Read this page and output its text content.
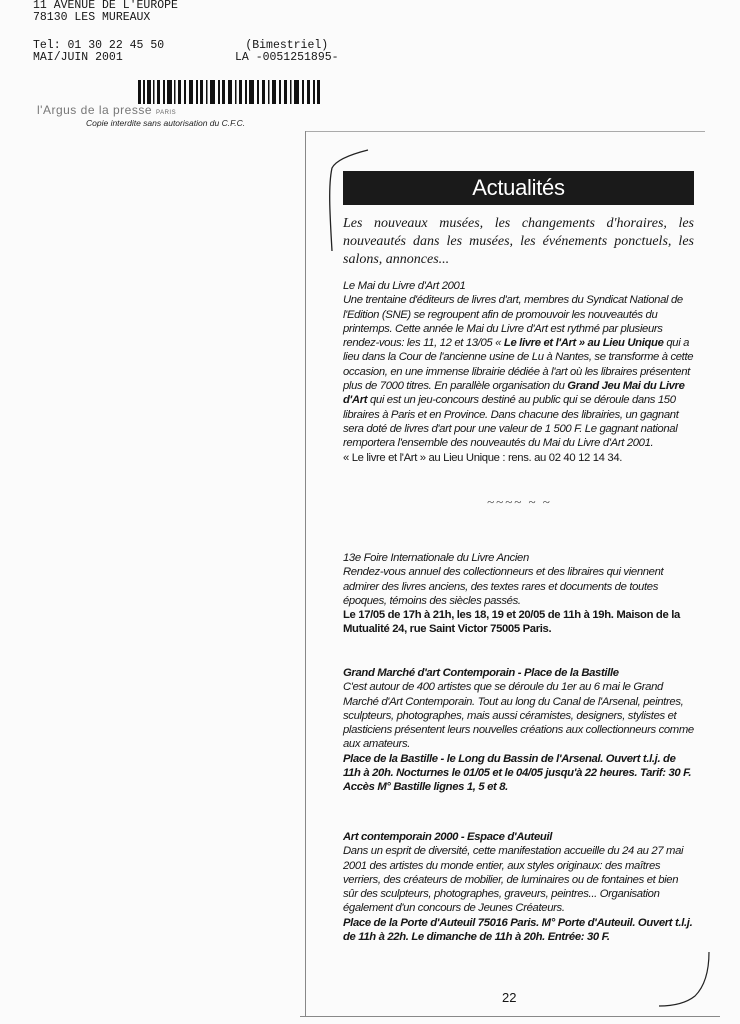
11 AVENUE DE L'EUROPE
78130 LES MUREAUX
Tel: 01 30 22 45 50
MAI/JUIN 2001
(Bimestriel)
LA -0051251895-
l'Argus de la presse PARIS
Copie interdite sans autorisation du C.F.C.
Actualités
Les nouveaux musées, les changements d'horaires, les nouveautés dans les musées, les événements ponctuels, les salons, annonces...

Le Mai du Livre d'Art 2001

Une trentaine d'éditeurs de livres d'art, membres du Syndicat National de l'Edition (SNE) se regroupent afin de promouvoir les nouveautés du printemps. Cette année le Mai du Livre d'Art est rythmé par plusieurs rendez-vous: les 11, 12 et 13/05 « Le livre et l'Art » au Lieu Unique qui a lieu dans la Cour de l'ancienne usine de Lu à Nantes, se transforme à cette occasion, en une immense librairie dédiée à l'art où les libraires présentent plus de 7000 titres. En parallèle organisation du Grand Jeu Mai du Livre d'Art qui est un jeu-concours destiné au public qui se déroule dans 150 libraires à Paris et en Province. Dans chacune des librairies, un gagnant sera doté de livres d'art pour une valeur de 1 500 F. Le gagnant national remportera l'ensemble des nouveautés du Mai du Livre d'Art 2001.

« Le livre et l'Art » au Lieu Unique : rens. au 02 40 12 14 34.

~~~~ ~ ~

13e Foire Internationale du Livre Ancien

Rendez-vous annuel des collectionneurs et des libraires qui viennent admirer des livres anciens, des textes rares et documents de toutes époques, témoins des siècles passés.

Le 17/05 de 17h à 21h, les 18, 19 et 20/05 de 11h à 19h. Maison de la Mutualité 24, rue Saint Victor 75005 Paris.

Grand Marché d'art Contemporain - Place de la Bastille

C'est autour de 400 artistes que se déroule du 1er au 6 mai le Grand Marché d'Art Contemporain. Tout au long du Canal de l'Arsenal, peintres, sculpteurs, photographes, mais aussi céramistes, designers, stylistes et plasticiens présentent leurs nouvelles créations aux collectionneurs comme aux amateurs.

Place de la Bastille - le Long du Bassin de l'Arsenal. Ouvert t.l.j. de 11h à 20h. Nocturnes le 01/05 et le 04/05 jusqu'à 22 heures. Tarif: 30 F. Accès M° Bastille lignes 1, 5 et 8.

Art contemporain 2000 - Espace d'Auteuil

Dans un esprit de diversité, cette manifestation accueille du 24 au 27 mai 2001 des artistes du monde entier, aux styles originaux: des maîtres verriers, des créateurs de mobilier, de luminaires ou de fontaines et bien sûr des sculpteurs, photographes, graveurs, peintres... Organisation également d'un concours de Jeunes Créateurs.

Place de la Porte d'Auteuil 75016 Paris. M° Porte d'Auteuil. Ouvert t.l.j. de 11h à 22h. Le dimanche de 11h à 20h. Entrée: 30 F.

22
